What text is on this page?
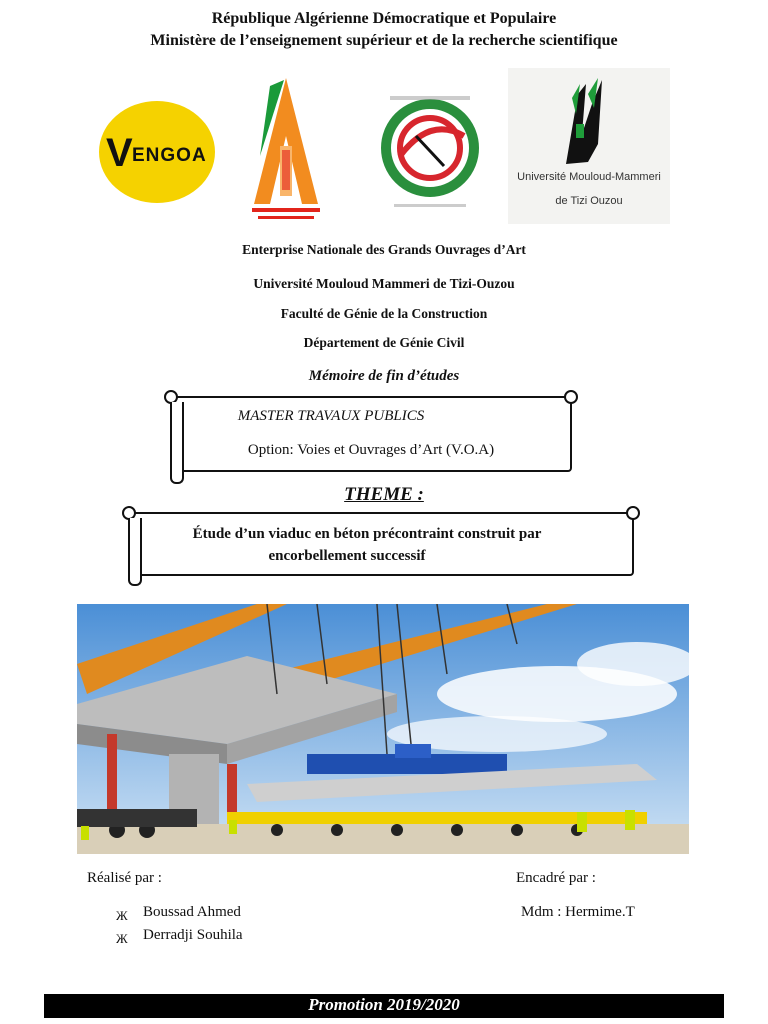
République Algérienne Démocratique et Populaire
Ministère de l’enseignement supérieur et de la recherche scientifique
V ENGOA
Université Mouloud-Mammeri
de Tizi Ouzou
Enterprise Nationale des Grands Ouvrages d’Art
Université Mouloud Mammeri de Tizi-Ouzou
Faculté de Génie de la Construction
Département de Génie Civil
Mémoire de fin d’études
MASTER TRAVAUX PUBLICS
Option: Voies et Ouvrages d’Art (V.O.A)
THEME :
Étude d’un viaduc en béton précontraint construit par
encorbellement successif
Réalisé par :	Encadré par :
Ж Boussad Ahmed
Ж Derradji Souhila
Mdm : Hermime.T
Promotion 2019/2020
